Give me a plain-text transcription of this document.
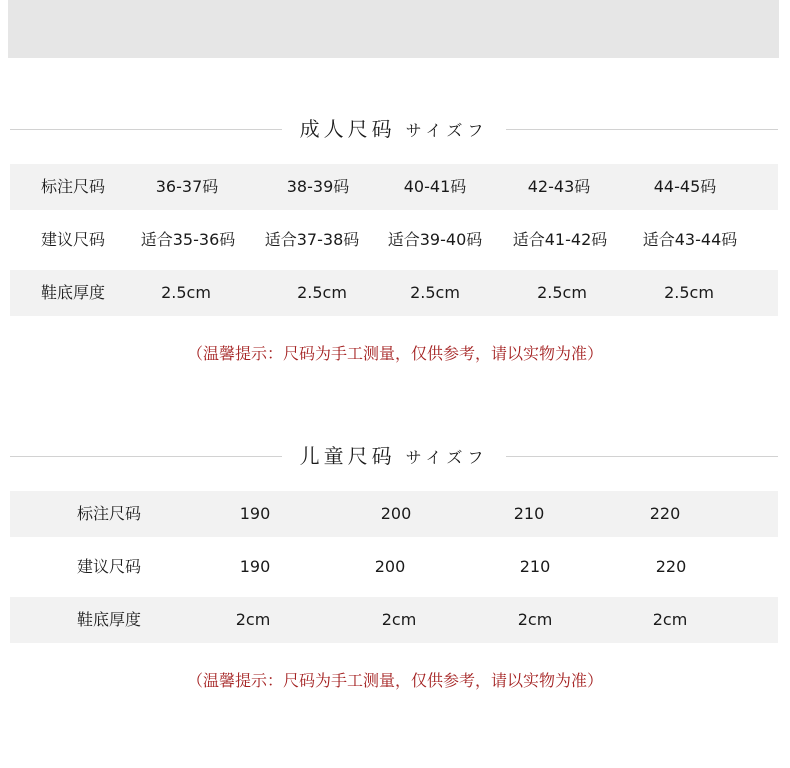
成人尺码 サイズフ
标注尺码	36-37码	38-39码	40-41码	42-43码	44-45码
建议尺码 适合35-36码 适合37-38码 适合39-40码 适合41-42码 适合43-44码
鞋底厚度	2.5cm	2.5cm	2.5cm	2.5cm	2.5cm
（温馨提示：尺码为手工测量，仅供参考，请以实物为准）
儿童尺码 サイズフ
标注尺码	190	200	210	220
建议尺码	190	200	210	220
鞋底厚度	2cm	2cm	2cm	2cm
（温馨提示：尺码为手工测量，仅供参考，请以实物为准）
